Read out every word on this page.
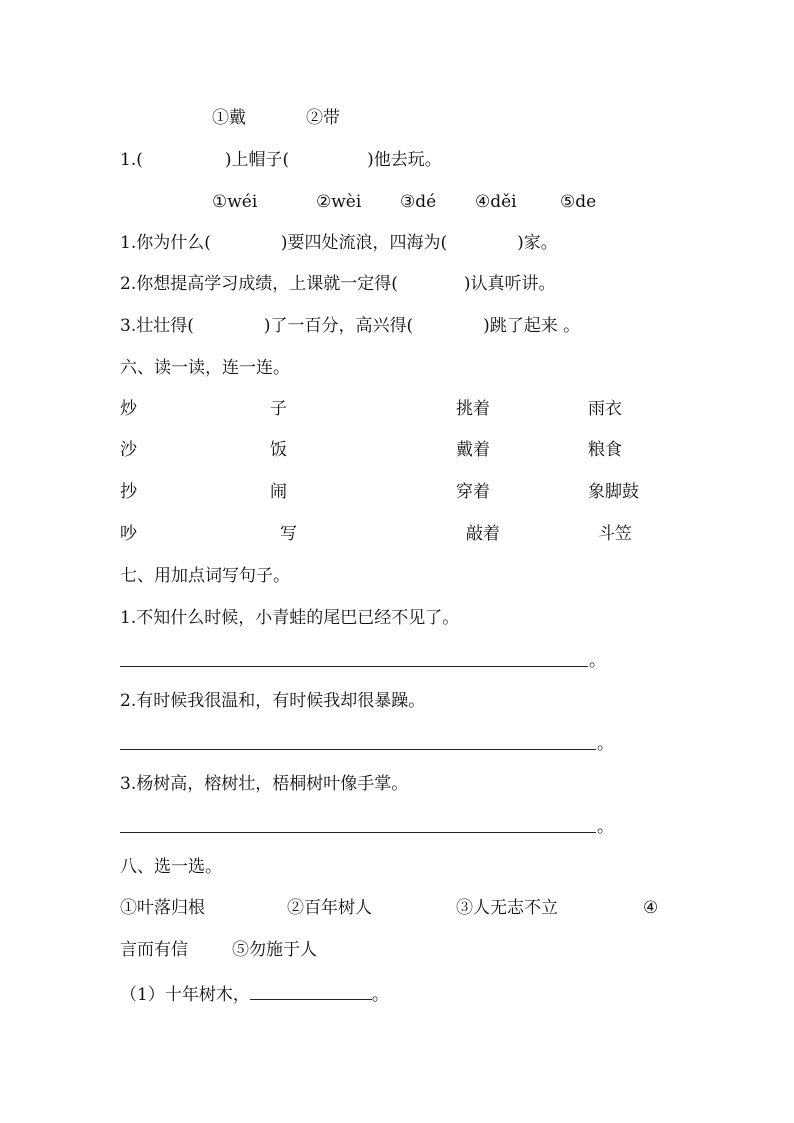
①戴	②带
1.(	)上帽子(	)他去玩。
①wéi	②wèi ③dé ④děi	⑤de
1.你为什么(	)要四处流浪，四海为(	)家。
2.你想提高学习成绩，上课就一定得(	)认真听讲。
3.壮壮得(	)了一百分，高兴得(	)跳了起来 。
六、读一读，连一连。
炒	子	挑着	雨衣
沙	饭	戴着	粮食
抄	闹	穿着	象脚鼓
吵	写	敲着	斗笠
七、用加点词写句子。
1.不知什么时候，小青蛙的尾巴已经不见了。
。
2.有时候我很温和，有时候我却很暴躁。
。
3.杨树高，榕树壮，梧桐树叶像手掌。
。
八、选一选。
①叶落归根	②百年树人	③人无志不立	④
言而有信	⑤勿施于人
（1）十年树木，	。
